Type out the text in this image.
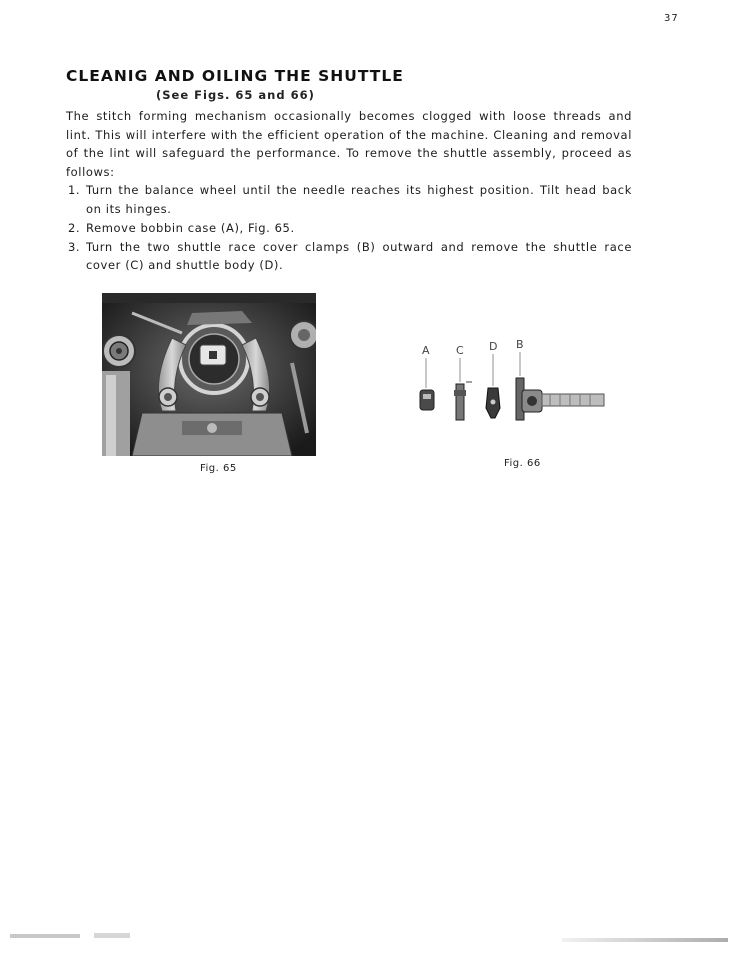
37
CLEANIG AND OILING THE SHUTTLE
(See Figs. 65 and 66)

The stitch forming mechanism occasionally becomes clogged with loose threads and lint. This will interfere with the efficient operation of the machine. Cleaning and removal of the lint will safeguard the performance. To remove the shuttle assembly, proceed as follows:

1. Turn the balance wheel until the needle reaches its highest position. Tilt head back on its hinges.
2. Remove bobbin case (A), Fig. 65.
3. Turn the two shuttle race cover clamps (B) outward and remove the shuttle race cover (C) and shuttle body (D).
Fig. 65
A C D B
Fig. 66
